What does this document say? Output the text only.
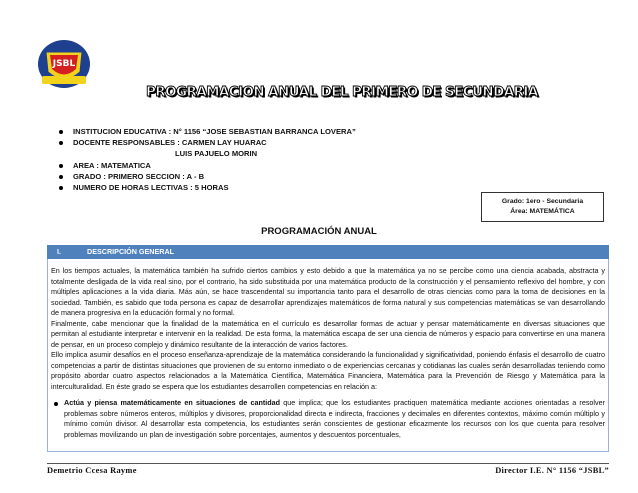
JSBL
PROGRAMACION ANUAL DEL PRIMERO DE SECUNDARIA
INSTITUCION EDUCATIVA : N° 1156 “JOSE SEBASTIAN BARRANCA LOVERA”
DOCENTE RESPONSABLES : CARMEN LAY HUARAC
LUIS PAJUELO MORIN
AREA : MATEMATICA
GRADO : PRIMERO SECCION : A - B
NUMERO DE HORAS LECTIVAS : 5 HORAS
Grado: 1ero - Secundaria
Área: MATEMÁTICA
PROGRAMACIÓN ANUAL
I.	DESCRIPCIÓN GENERAL

En los tiempos actuales, la matemática también ha sufrido ciertos cambios y esto debido a que la matemática ya no se percibe como una ciencia acabada, abstracta y totalmente desligada de la vida real sino, por el contrario, ha sido substituida por una matemática producto de la construcción y el pensamiento reflexivo del hombre, y con múltiples aplicaciones a la vida diaria. Más aún, se hace trascendental su importancia tanto para el desarrollo de otras ciencias como para la toma de decisiones en la sociedad. También, es sabido que toda persona es capaz de desarrollar aprendizajes matemáticos de forma natural y sus competencias matemáticas se van desarrollando de manera progresiva en la educación formal y no formal.

Finalmente, cabe mencionar que la finalidad de la matemática en el currículo es desarrollar formas de actuar y pensar matemáticamente en diversas situaciones que permitan al estudiante interpretar e intervenir en la realidad. De esta forma, la matemática escapa de ser una ciencia de números y espacio para convertirse en una manera de pensar, en un proceso complejo y dinámico resultante de la interacción de varios factores.

Ello implica asumir desafíos en el proceso enseñanza-aprendizaje de la matemática considerando la funcionalidad y significatividad, poniendo énfasis el desarrollo de cuatro competencias a partir de distintas situaciones que provienen de su entorno inmediato o de experiencias cercanas y cotidianas las cuales serán desarrolladas teniendo como propósito abordar cuatro aspectos relacionados a la Matemática Científica, Matemática Financiera, Matemática para la Prevención de Riesgo y Matemática para la interculturalidad. En éste grado se espera que los estudiantes desarrollen competencias en relación a:

Actúa y piensa matemáticamente en situaciones de cantidad que implica; que los estudiantes practiquen matemática mediante acciones orientadas a resolver problemas sobre números enteros, múltiplos y divisores, proporcionalidad directa e indirecta, fracciones y decimales en diferentes contextos, máximo común múltiplo y mínimo común divisor. Al desarrollar esta competencia, los estudiantes serán conscientes de gestionar eficazmente los recursos con los que cuenta para resolver problemas movilizando un plan de investigación sobre porcentajes, aumentos y descuentos porcentuales,

Demetrio Ccesa Rayme	Director I.E. N° 1156 “JSBL”
